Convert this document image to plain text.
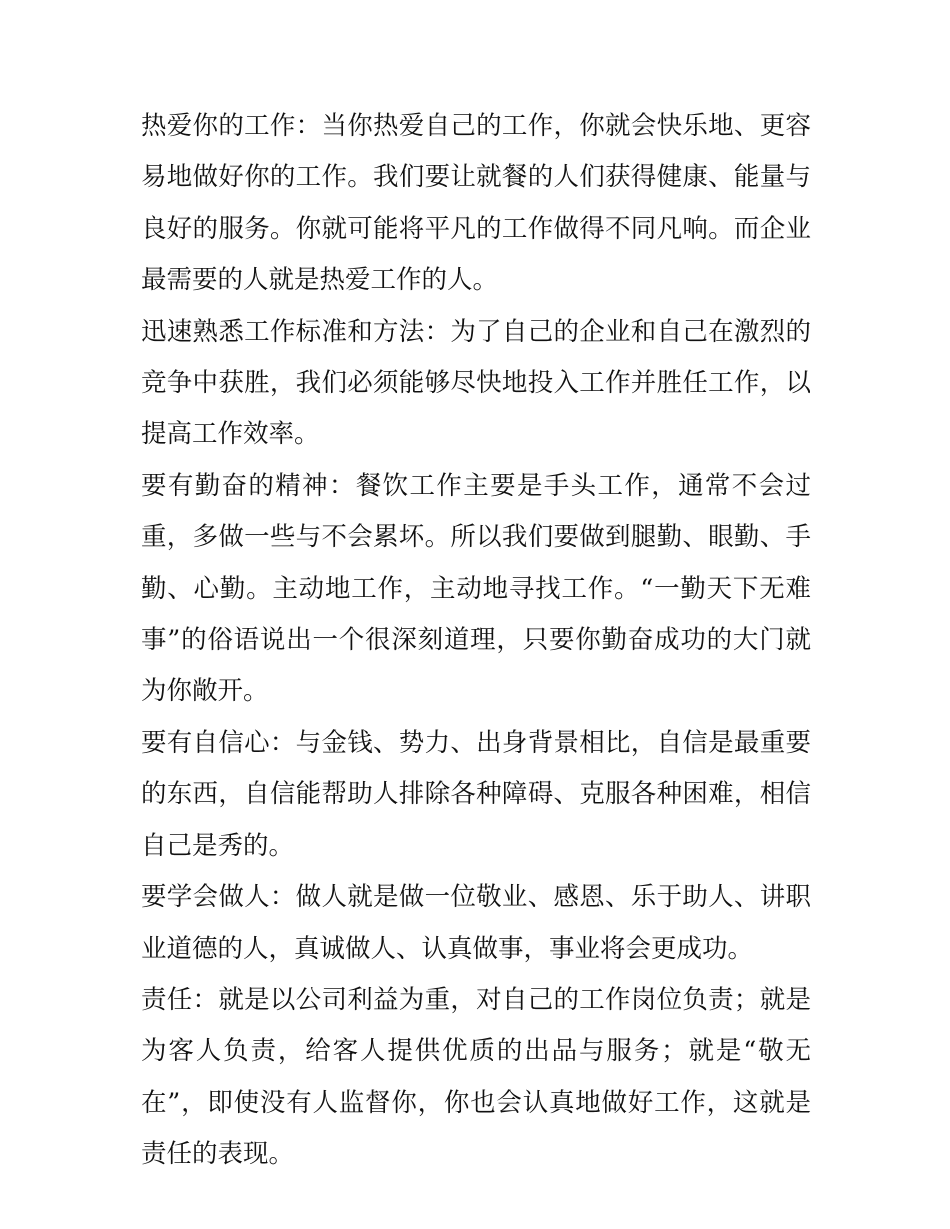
热爱你的工作：当你热爱自己的工作，你就会快乐地、更容易地做好你的工作。我们要让就餐的人们获得健康、能量与良好的服务。你就可能将平凡的工作做得不同凡响。而企业最需要的人就是热爱工作的人。

迅速熟悉工作标准和方法：为了自己的企业和自己在激烈的竞争中获胜，我们必须能够尽快地投入工作并胜任工作，以提高工作效率。

要有勤奋的精神：餐饮工作主要是手头工作，通常不会过重，多做一些与不会累坏。所以我们要做到腿勤、眼勤、手勤、心勤。主动地工作，主动地寻找工作。“一勤天下无难事”的俗语说出一个很深刻道理，只要你勤奋成功的大门就为你敞开。

要有自信心：与金钱、势力、出身背景相比，自信是最重要的东西，自信能帮助人排除各种障碍、克服各种困难，相信自己是秀的。

要学会做人：做人就是做一位敬业、感恩、乐于助人、讲职业道德的人，真诚做人、认真做事，事业将会更成功。

责任：就是以公司利益为重，对自己的工作岗位负责；就是为客人负责，给客人提供优质的出品与服务；就是“敬无在”，即使没有人监督你，你也会认真地做好工作，这就是责任的表现。
